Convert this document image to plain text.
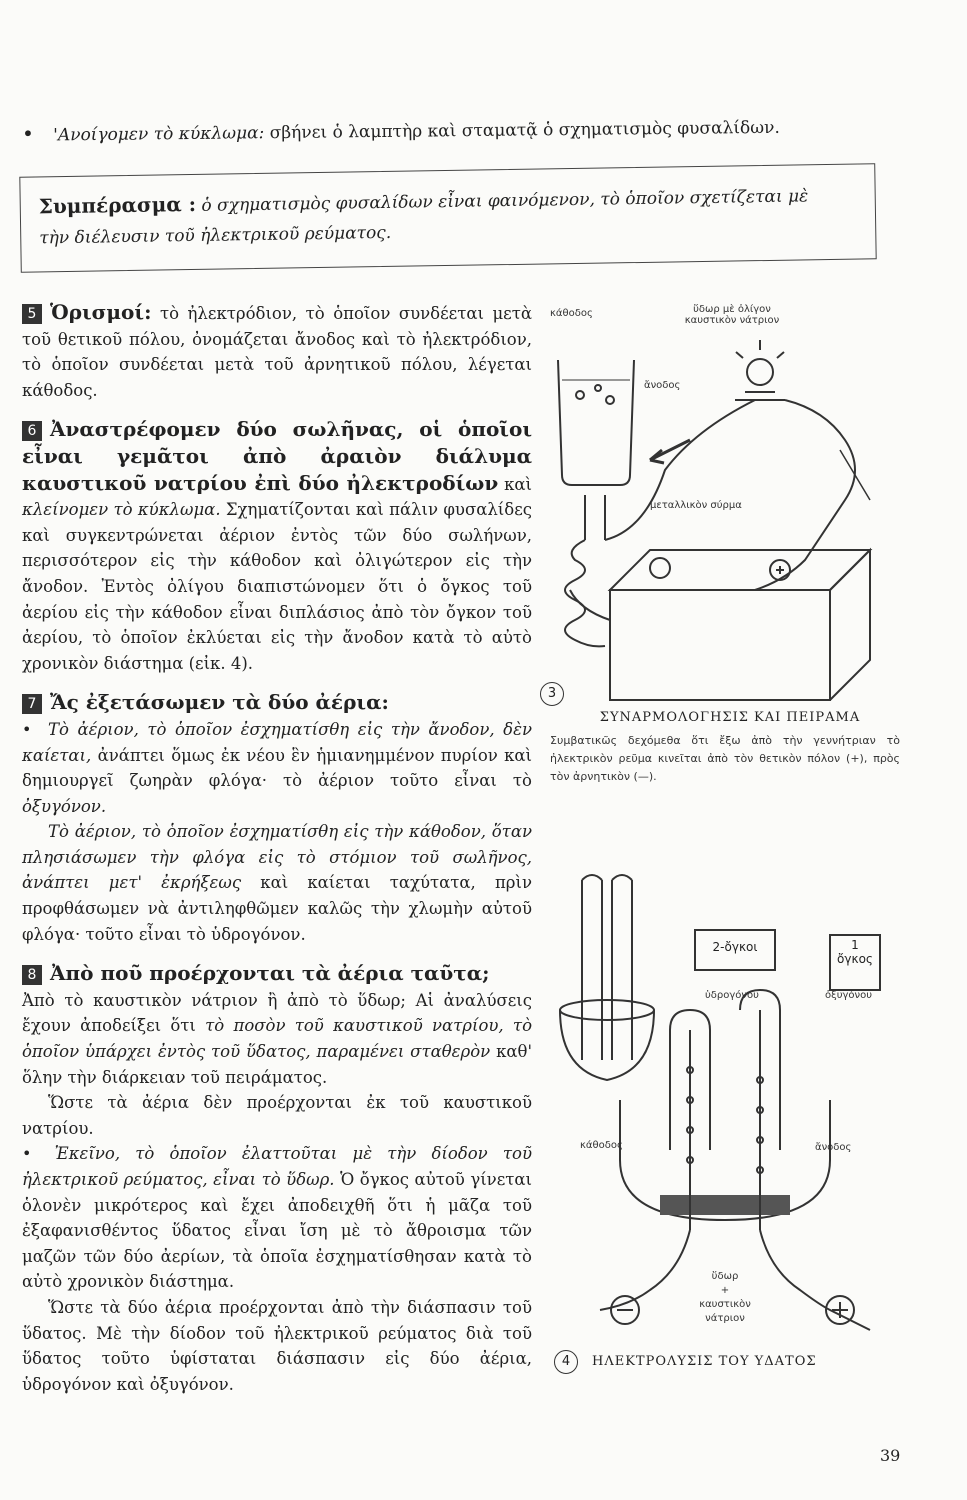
• 'Ανοίγομεν τὸ κύκλωμα: σβήνει ὁ λαμπτὴρ καὶ σταματᾷ ὁ σχηματισμὸς φυσαλίδων.

Συμπέρασμα : ὁ σχηματισμὸς φυσαλίδων εἶναι φαινόμενον, τὸ ὁποῖον σχετίζεται μὲ
τὴν διέλευσιν τοῦ ἠλεκτρικοῦ ρεύματος.

5 Ὁρισμοί: τὸ ἠλεκτρόδιον, τὸ ὁποῖον συνδέεται μετὰ τοῦ θετικοῦ πόλου, ὀνομάζεται ἄνοδος καὶ τὸ ἠλεκτρόδιον, τὸ ὁποῖον συνδέεται μετὰ τοῦ ἀρνητικοῦ πόλου, λέγεται κάθοδος.

6 Ἀναστρέφομεν δύο σωλῆνας, οἱ ὁποῖοι εἶναι γεμᾶτοι ἀπὸ ἀραιὸν διάλυμα καυστικοῦ νατρίου ἐπὶ δύο ἠλεκτροδίων καὶ κλείνομεν τὸ κύκλωμα. Σχηματίζονται καὶ πάλιν φυσαλίδες καὶ συγκεντρώνεται ἀέριον ἐντὸς τῶν δύο σωλήνων, περισσότερον εἰς τὴν κάθοδον καὶ ὀλιγώτερον εἰς τὴν ἄνοδον. Ἐντὸς ὀλίγου διαπιστώνομεν ὅτι ὁ ὄγκος τοῦ ἀερίου εἰς τὴν κάθοδον εἶναι διπλάσιος ἀπὸ τὸν ὄγκον τοῦ ἀερίου, τὸ ὁποῖον ἐκλύεται εἰς τὴν ἄνοδον κατὰ τὸ αὐτὸ χρονικὸν διάστημα (εἰκ. 4).

7 Ἄς ἐξετάσωμεν τὰ δύο ἀέρια:

• Τὸ ἀέριον, τὸ ὁποῖον ἐσχηματίσθη εἰς τὴν ἄνοδον, δὲν καίεται, ἀνάπτει ὅμως ἐκ νέου ἓν ἡμιανημμένον πυρίον καὶ δημιουργεῖ ζωηρὰν φλόγα· τὸ ἀέριον τοῦτο εἶναι τὸ ὀξυγόνον.

Τὸ ἀέριον, τὸ ὁποῖον ἐσχηματίσθη εἰς τὴν κάθοδον, ὅταν πλησιάσωμεν τὴν φλόγα εἰς τὸ στόμιον τοῦ σωλῆνος, ἀνάπτει μετ' ἐκρήξεως καὶ καίεται ταχύτατα, πρὶν προφθάσωμεν νὰ ἀντιληφθῶμεν καλῶς τὴν χλωμὴν αὐτοῦ φλόγα· τοῦτο εἶναι τὸ ὑδρογόνον.

8 Ἀπὸ ποῦ προέρχονται τὰ ἀέρια ταῦτα;

Ἀπὸ τὸ καυστικὸν νάτριον ἢ ἀπὸ τὸ ὕδωρ; Αἱ ἀναλύσεις ἔχουν ἀποδείξει ὅτι τὸ ποσὸν τοῦ καυστικοῦ νατρίου, τὸ ὁποῖον ὑπάρχει ἐντὸς τοῦ ὕδατος, παραμένει σταθερὸν καθ' ὅλην τὴν διάρκειαν τοῦ πειράματος.

Ὥστε τὰ ἀέρια δὲν προέρχονται ἐκ τοῦ καυστικοῦ νατρίου.

• Ἐκεῖνο, τὸ ὁποῖον ἐλαττοῦται μὲ τὴν δίοδον τοῦ ἠλεκτρικοῦ ρεύματος, εἶναι τὸ ὕδωρ. Ὁ ὄγκος αὐτοῦ γίνεται ὁλονὲν μικρότερος καὶ ἔχει ἀποδειχθῆ ὅτι ἡ μᾶζα τοῦ ἐξαφανισθέντος ὕδατος εἶναι ἴση μὲ τὸ ἄθροισμα τῶν μαζῶν τῶν δύο ἀερίων, τὰ ὁποῖα ἐσχηματίσθησαν κατὰ τὸ αὐτὸ χρονικὸν διάστημα.

Ὥστε τὰ δύο ἀέρια προέρχονται ἀπὸ τὴν διάσπασιν τοῦ ὕδατος. Μὲ τὴν δίοδον τοῦ ἠλεκτρικοῦ ρεύματος διὰ τοῦ ὕδατος τοῦτο ὑφίσταται διάσπασιν εἰς δύο ἀέρια, ὑδρογόνον καὶ ὀξυγόνον.

κάθοδος	ὕδωρ μὲ ὀλίγον
καυστικὸν νάτριον
ἄνοδος
μεταλλικὸν σύρμα
3
ΣΥΝΑΡΜΟΛΟΓΗΣΙΣ ΚΑΙ ΠΕΙΡΑΜΑ
Συμβατικῶς δεχόμεθα ὅτι ἔξω ἀπὸ τὴν γεννήτριαν τὸ ἠλεκτρικὸν ρεῦμα κινεῖται ἀπὸ τὸν θετικὸν πόλον (+), πρὸς τὸν ἀρνητικὸν (—).
2-ὄγκοι	1
ὄγκος
ὑδρογόνου	ὀξυγόνου
κάθοδος	ἄνοδος
ὕδωρ
+
καυστικὸν
νάτριον
4	ΗΛΕΚΤΡΟΛΥΣΙΣ ΤΟΥ ΥΔΑΤΟΣ
39
